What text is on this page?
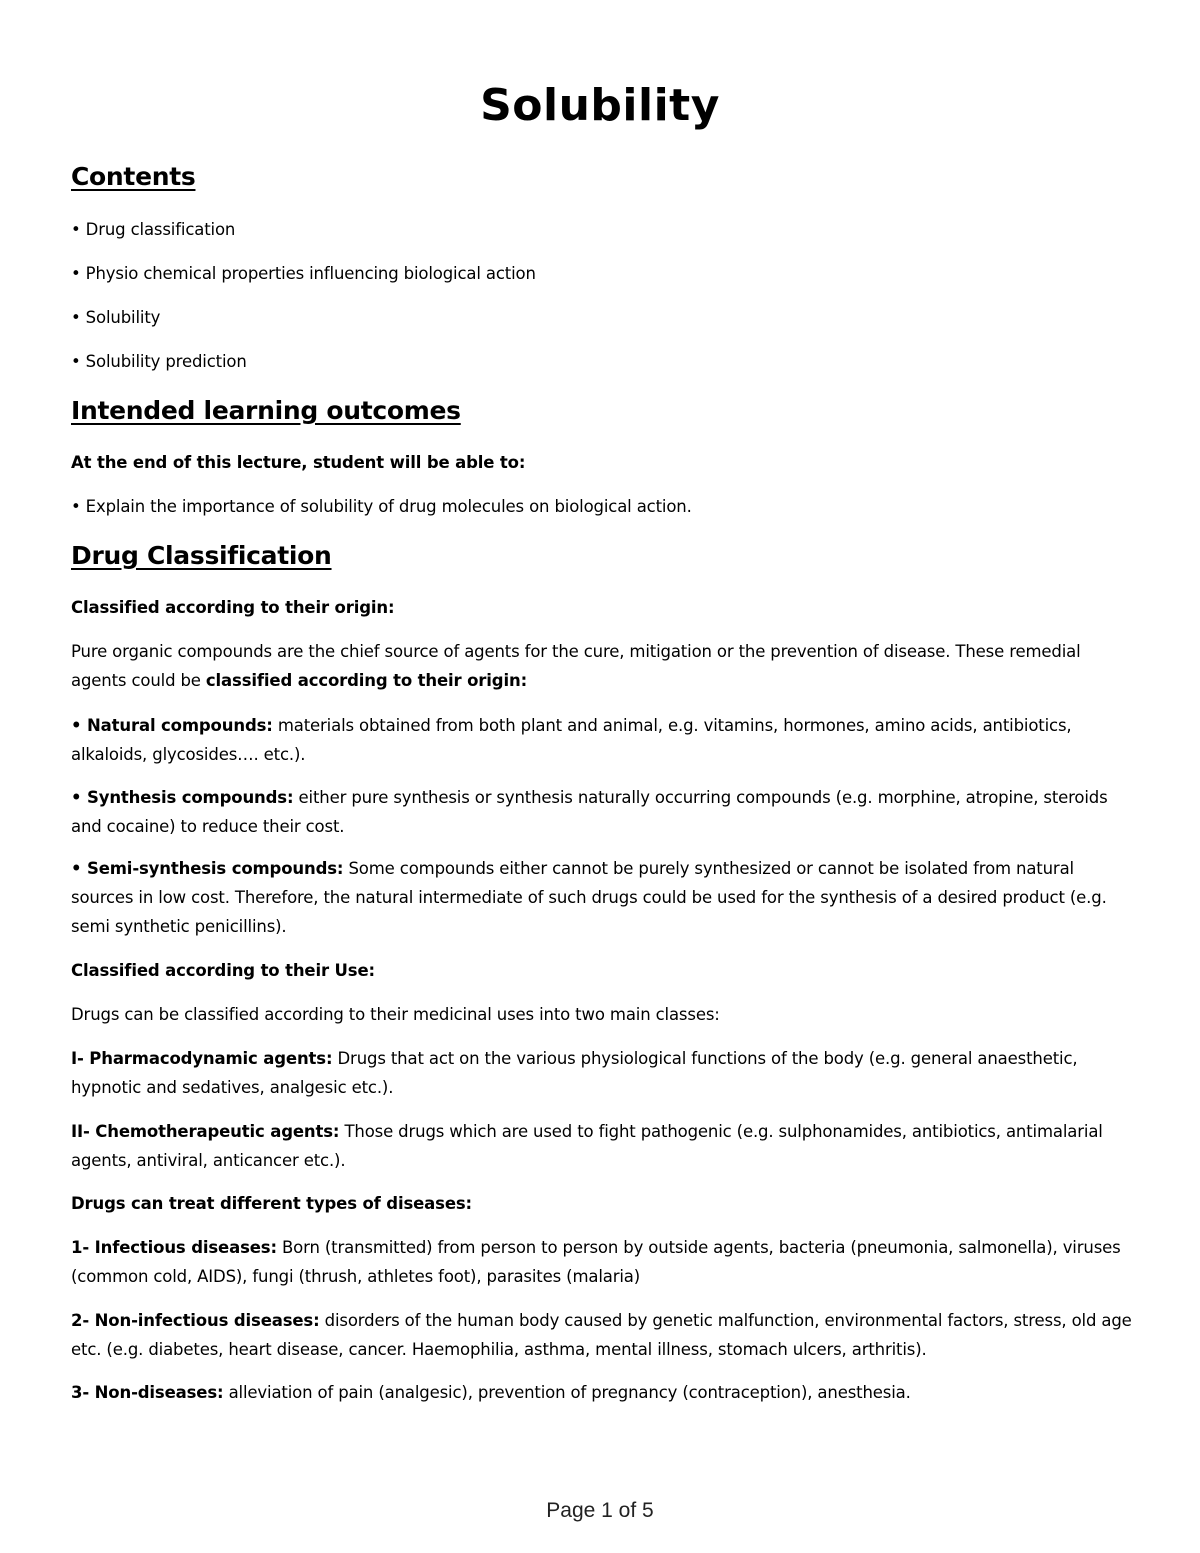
Solubility
Contents
• Drug classification
• Physio chemical properties influencing biological action
• Solubility
• Solubility prediction
Intended learning outcomes
At the end of this lecture, student will be able to:
• Explain the importance of solubility of drug molecules on biological action.
Drug Classification
Classified according to their origin:
Pure organic compounds are the chief source of agents for the cure, mitigation or the prevention of disease. These remedial agents could be classified according to their origin:
• Natural compounds: materials obtained from both plant and animal, e.g. vitamins, hormones, amino acids, antibiotics, alkaloids, glycosides…. etc.).
• Synthesis compounds: either pure synthesis or synthesis naturally occurring compounds (e.g. morphine, atropine, steroids and cocaine) to reduce their cost.
• Semi-synthesis compounds: Some compounds either cannot be purely synthesized or cannot be isolated from natural sources in low cost. Therefore, the natural intermediate of such drugs could be used for the synthesis of a desired product (e.g. semi synthetic penicillins).
Classified according to their Use:
Drugs can be classified according to their medicinal uses into two main classes:
I- Pharmacodynamic agents: Drugs that act on the various physiological functions of the body (e.g. general anaesthetic, hypnotic and sedatives, analgesic etc.).
II- Chemotherapeutic agents: Those drugs which are used to fight pathogenic (e.g. sulphonamides, antibiotics, antimalarial agents, antiviral, anticancer etc.).
Drugs can treat different types of diseases:
1- Infectious diseases: Born (transmitted) from person to person by outside agents, bacteria (pneumonia, salmonella), viruses (common cold, AIDS), fungi (thrush, athletes foot), parasites (malaria)
2- Non-infectious diseases: disorders of the human body caused by genetic malfunction, environmental factors, stress, old age etc. (e.g. diabetes, heart disease, cancer. Haemophilia, asthma, mental illness, stomach ulcers, arthritis).
3- Non-diseases: alleviation of pain (analgesic), prevention of pregnancy (contraception), anesthesia.
Page 1 of 5
